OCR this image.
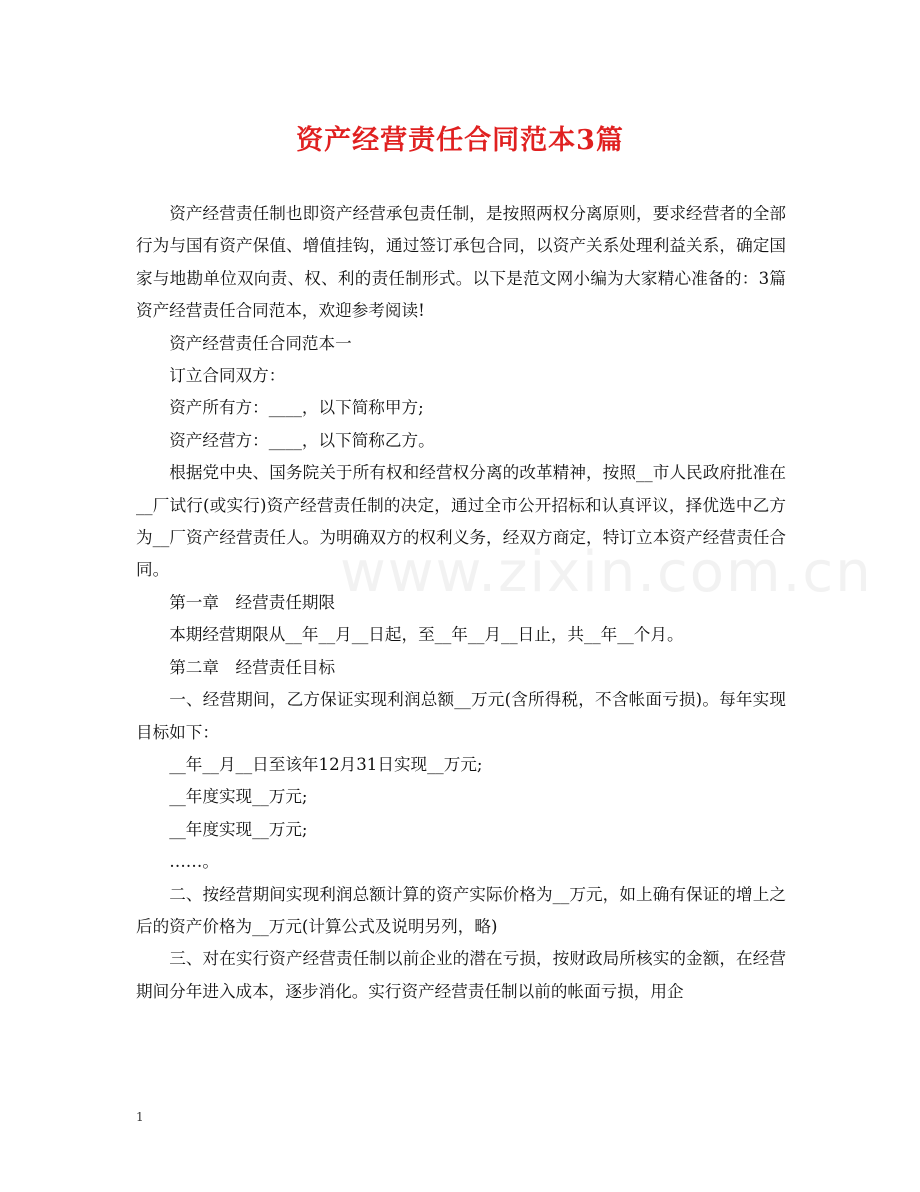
www.zixin.com.cn
资产经营责任合同范本3篇

资产经营责任制也即资产经营承包责任制，是按照两权分离原则，要求经营者的全部行为与国有资产保值、增值挂钩，通过签订承包合同，以资产关系处理利益关系，确定国家与地勘单位双向责、权、利的责任制形式。以下是范文网小编为大家精心准备的：3篇资产经营责任合同范本，欢迎参考阅读!

资产经营责任合同范本一

订立合同双方：

资产所有方：____，以下简称甲方;

资产经营方：____，以下简称乙方。

根据党中央、国务院关于所有权和经营权分离的改革精神，按照__市人民政府批准在__厂试行(或实行)资产经营责任制的决定，通过全市公开招标和认真评议，择优选中乙方为__厂资产经营责任人。为明确双方的权利义务，经双方商定，特订立本资产经营责任合同。

第一章　经营责任期限

本期经营期限从__年__月__日起，至__年__月__日止，共__年__个月。

第二章　经营责任目标

一、经营期间，乙方保证实现利润总额__万元(含所得税，不含帐面亏损)。每年实现目标如下：

__年__月__日至该年12月31日实现__万元;

__年度实现__万元;

__年度实现__万元;

……。

二、按经营期间实现利润总额计算的资产实际价格为__万元，如上确有保证的增上之后的资产价格为__万元(计算公式及说明另列，略)

三、对在实行资产经营责任制以前企业的潜在亏损，按财政局所核实的金额，在经营期间分年进入成本，逐步消化。实行资产经营责任制以前的帐面亏损，用企

1
